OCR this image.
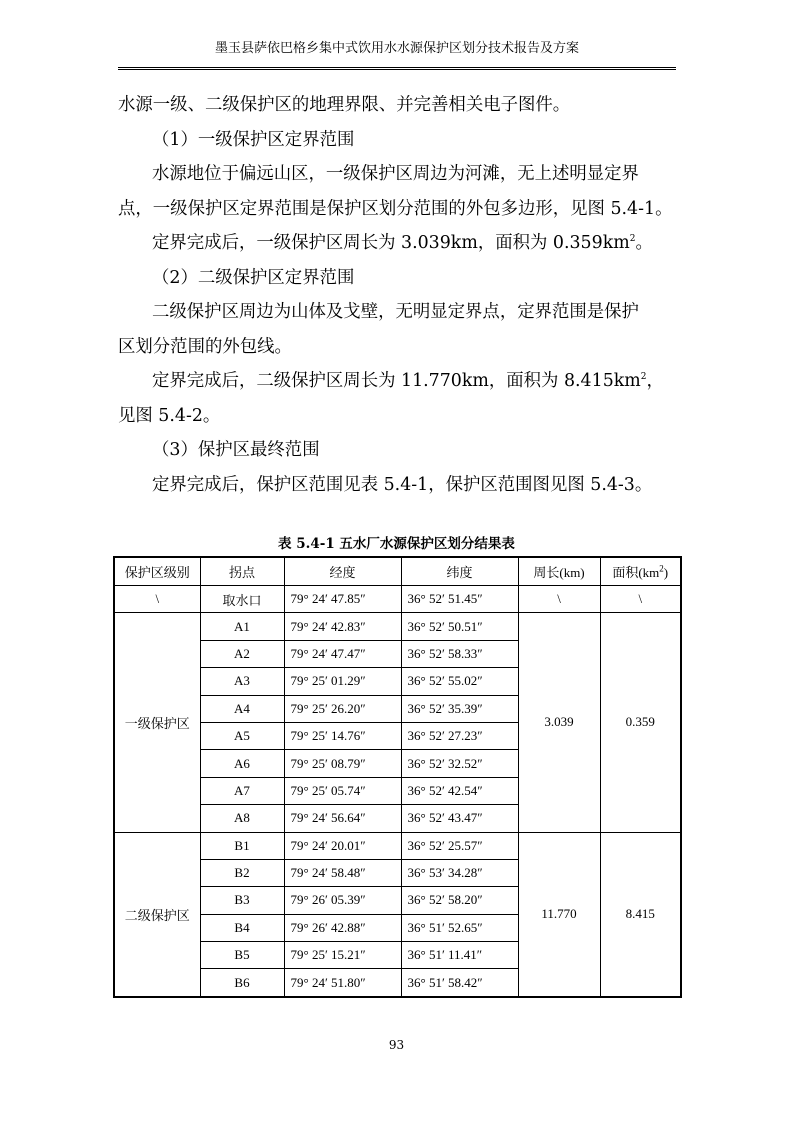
墨玉县萨依巴格乡集中式饮用水水源保护区划分技术报告及方案

水源一级、二级保护区的地理界限、并完善相关电子图件。

（1）一级保护区定界范围

水源地位于偏远山区，一级保护区周边为河滩，无上述明显定界

点，一级保护区定界范围是保护区划分范围的外包多边形，见图 5.4-1。

定界完成后，一级保护区周长为 3.039km，面积为 $0.359km^2$。

（2）二级保护区定界范围

二级保护区周边为山体及戈壁，无明显定界点，定界范围是保护

区划分范围的外包线。

定界完成后，二级保护区周长为 11.770km，面积为 $8.415km^2$，

见图 5.4-2。

（3）保护区最终范围

定界完成后，保护区范围见表 5.4-1，保护区范围图见图 5.4-3。

表 5.4-1 五水厂水源保护区划分结果表
保护区级别	拐点	经度	纬度	周长(km)	面积$(km^2)$
\	取水口	79° 24′ 47.85″	36° 52′ 51.45″	\	\
一级保护区	A1	79° 24′ 42.83″	36° 52′ 50.51″	3.039	0.359
	A2	79° 24′ 47.47″	36° 52′ 58.33″		
	A3	79° 25′ 01.29″	36° 52′ 55.02″		
	A4	79° 25′ 26.20″	36° 52′ 35.39″		
	A5	79° 25′ 14.76″	36° 52′ 27.23″		
	A6	79° 25′ 08.79″	36° 52′ 32.52″		
	A7	79° 25′ 05.74″	36° 52′ 42.54″		
	A8	79° 24′ 56.64″	36° 52′ 43.47″		
二级保护区	B1	79° 24′ 20.01″	36° 52′ 25.57″	11.770	8.415
	B2	79° 24′ 58.48″	36° 53′ 34.28″		
	B3	79° 26′ 05.39″	36° 52′ 58.20″		
	B4	79° 26′ 42.88″	36° 51′ 52.65″		
	B5	79° 25′ 15.21″	36° 51′ 11.41″		
	B6	79° 24′ 51.80″	36° 51′ 58.42″		
93
